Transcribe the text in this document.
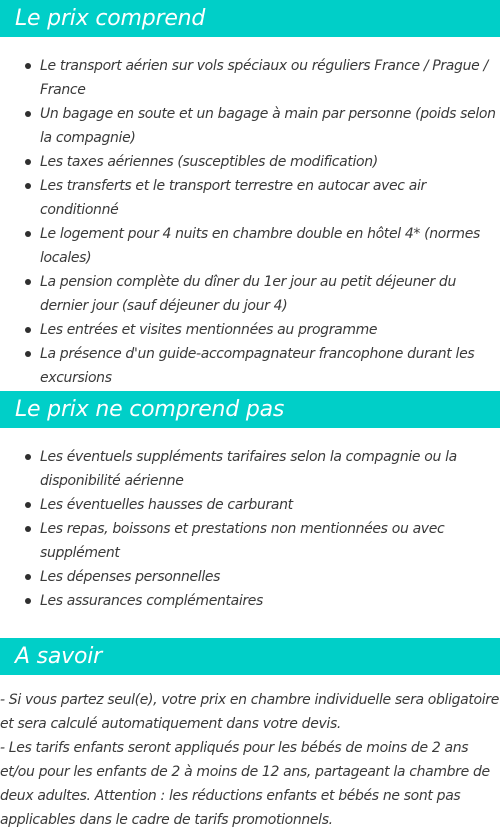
Le prix comprend
Le transport aérien sur vols spéciaux ou réguliers France / Prague / France
Un bagage en soute et un bagage à main par personne (poids selon la compagnie)
Les taxes aériennes (susceptibles de modification)
Les transferts et le transport terrestre en autocar avec air conditionné
Le logement pour 4 nuits en chambre double en hôtel 4* (normes locales)
La pension complète du dîner du 1er jour au petit déjeuner du dernier jour (sauf déjeuner du jour 4)
Les entrées et visites mentionnées au programme
La présence d'un guide-accompagnateur francophone durant les excursions
Le prix ne comprend pas
Les éventuels suppléments tarifaires selon la compagnie ou la disponibilité aérienne
Les éventuelles hausses de carburant
Les repas, boissons et prestations non mentionnées ou avec supplément
Les dépenses personnelles
Les assurances complémentaires
A savoir

- Si vous partez seul(e), votre prix en chambre individuelle sera obligatoire et sera calculé automatiquement dans votre devis.

- Les tarifs enfants seront appliqués pour les bébés de moins de 2 ans et/ou pour les enfants de 2 à moins de 12 ans, partageant la chambre de deux adultes. Attention : les réductions enfants et bébés ne sont pas applicables dans le cadre de tarifs promotionnels.
